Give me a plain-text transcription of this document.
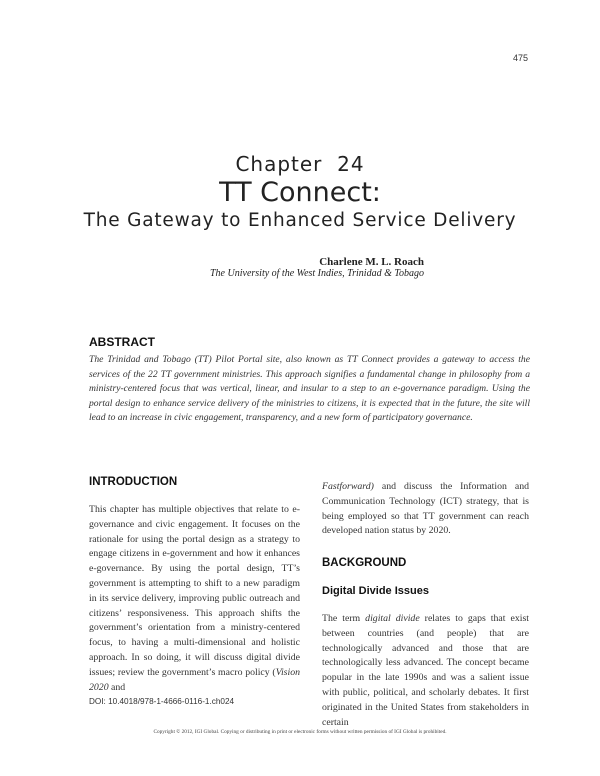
475
Chapter  24
TT Connect:
The Gateway to Enhanced Service Delivery
Charlene M. L. Roach
The University of the West Indies, Trinidad & Tobago
ABSTRACT
The Trinidad and Tobago (TT) Pilot Portal site, also known as TT Connect provides a gateway to access the services of the 22 TT government ministries. This approach signifies a fundamental change in philosophy from a ministry-centered focus that was vertical, linear, and insular to a step to an e-governance paradigm. Using the portal design to enhance service delivery of the ministries to citizens, it is expected that in the future, the site will lead to an increase in civic engagement, transparency, and a new form of participatory governance.
INTRODUCTION
This chapter has multiple objectives that relate to e-governance and civic engagement. It focuses on the rationale for using the portal design as a strategy to engage citizens in e-government and how it enhances e-governance. By using the portal design, TT’s government is attempting to shift to a new paradigm in its service delivery, improving public outreach and citizens’ responsiveness. This approach shifts the government’s orientation from a ministry-centered focus, to having a multi-dimensional and holistic approach. In so doing, it will discuss digital divide issues; review the government’s macro policy (Vision 2020 and
DOI: 10.4018/978-1-4666-0116-1.ch024
Fastforward) and discuss the Information and Communication Technology (ICT) strategy, that is being employed so that TT government can reach developed nation status by 2020.
BACKGROUND
Digital Divide Issues
The term digital divide relates to gaps that exist between countries (and people) that are technologically advanced and those that are technologically less advanced. The concept became popular in the late 1990s and was a salient issue with public, political, and scholarly debates. It first originated in the United States from stakeholders in certain
Copyright © 2012, IGI Global. Copying or distributing in print or electronic forms without written permission of IGI Global is prohibited.
